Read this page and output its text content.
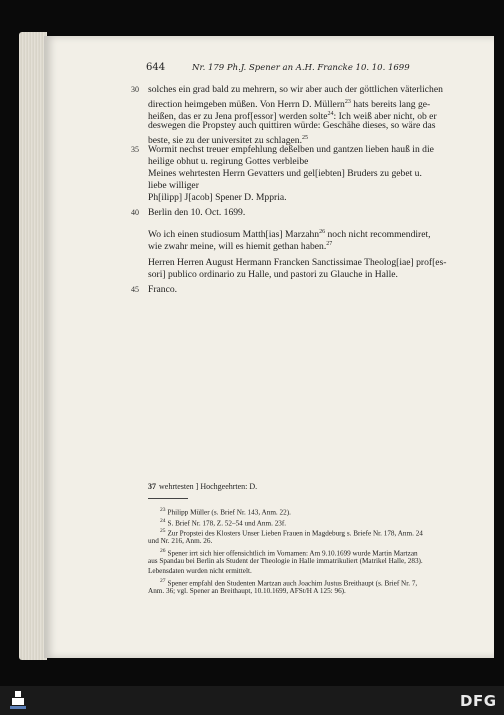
644	Nr. 179 Ph.J. Spener an A.H. Francke 10. 10. 1699
solches ein grad bald zu mehrern, so wir aber auch der göttlichen väterlichen
30
direction heimgeben müßen. Von Herrn D. Müllern$^{23}$ hats bereits lang ge-
heißen, das er zu Jena prof[essor] werden solte$^{24}$: Ich weiß aber nicht, ob er
deswegen die Propstey auch quittiren würde: Geschähe dieses, so wäre das
beste, sie zu der universitet zu schlagen.$^{25}$
Wormit nechst treuer empfehlung deßelben und gantzen lieben hauß in die
35
heilige obhut u. regirung Gottes verbleibe
Meines wehrtesten Herrn Gevatters und gel[iebten] Bruders zu gebet u.
liebe williger
Ph[ilipp] J[acob] Spener D. Mppria.
Berlin den 10. Oct. 1699.
40
Wo ich einen studiosum Matth[ias] Marzahn$^{26}$ noch nicht recommendiret,
wie zwahr meine, will es hiemit gethan haben.$^{27}$
Herren Herren August Hermann Francken Sanctissimae Theolog[iae] prof[es-
sori] publico ordinario zu Halle, und pastori zu Glauche in Halle.
Franco.
45
37 wehrtesten ] Hochgeehrten: D.
$^{23}$ Philipp Müller (s. Brief Nr. 143, Anm. 22).
$^{24}$ S. Brief Nr. 178, Z. 52–54 und Anm. 23f.
$^{25}$ Zur Propstei des Klosters Unser Lieben Frauen in Magdeburg s. Briefe Nr. 178, Anm. 24
und Nr. 216, Anm. 26.
$^{26}$ Spener irrt sich hier offensichtlich im Vornamen: Am 9.10.1699 wurde Martin Martzan
aus Spandau bei Berlin als Student der Theologie in Halle immatrikuliert (Matrikel Halle, 283).
Lebensdaten wurden nicht ermittelt.
$^{27}$ Spener empfahl den Studenten Martzan auch Joachim Justus Breithaupt (s. Brief Nr. 7,
Anm. 36; vgl. Spener an Breithaupt, 10.10.1699, AFSt/H A 125: 96).
DFG
